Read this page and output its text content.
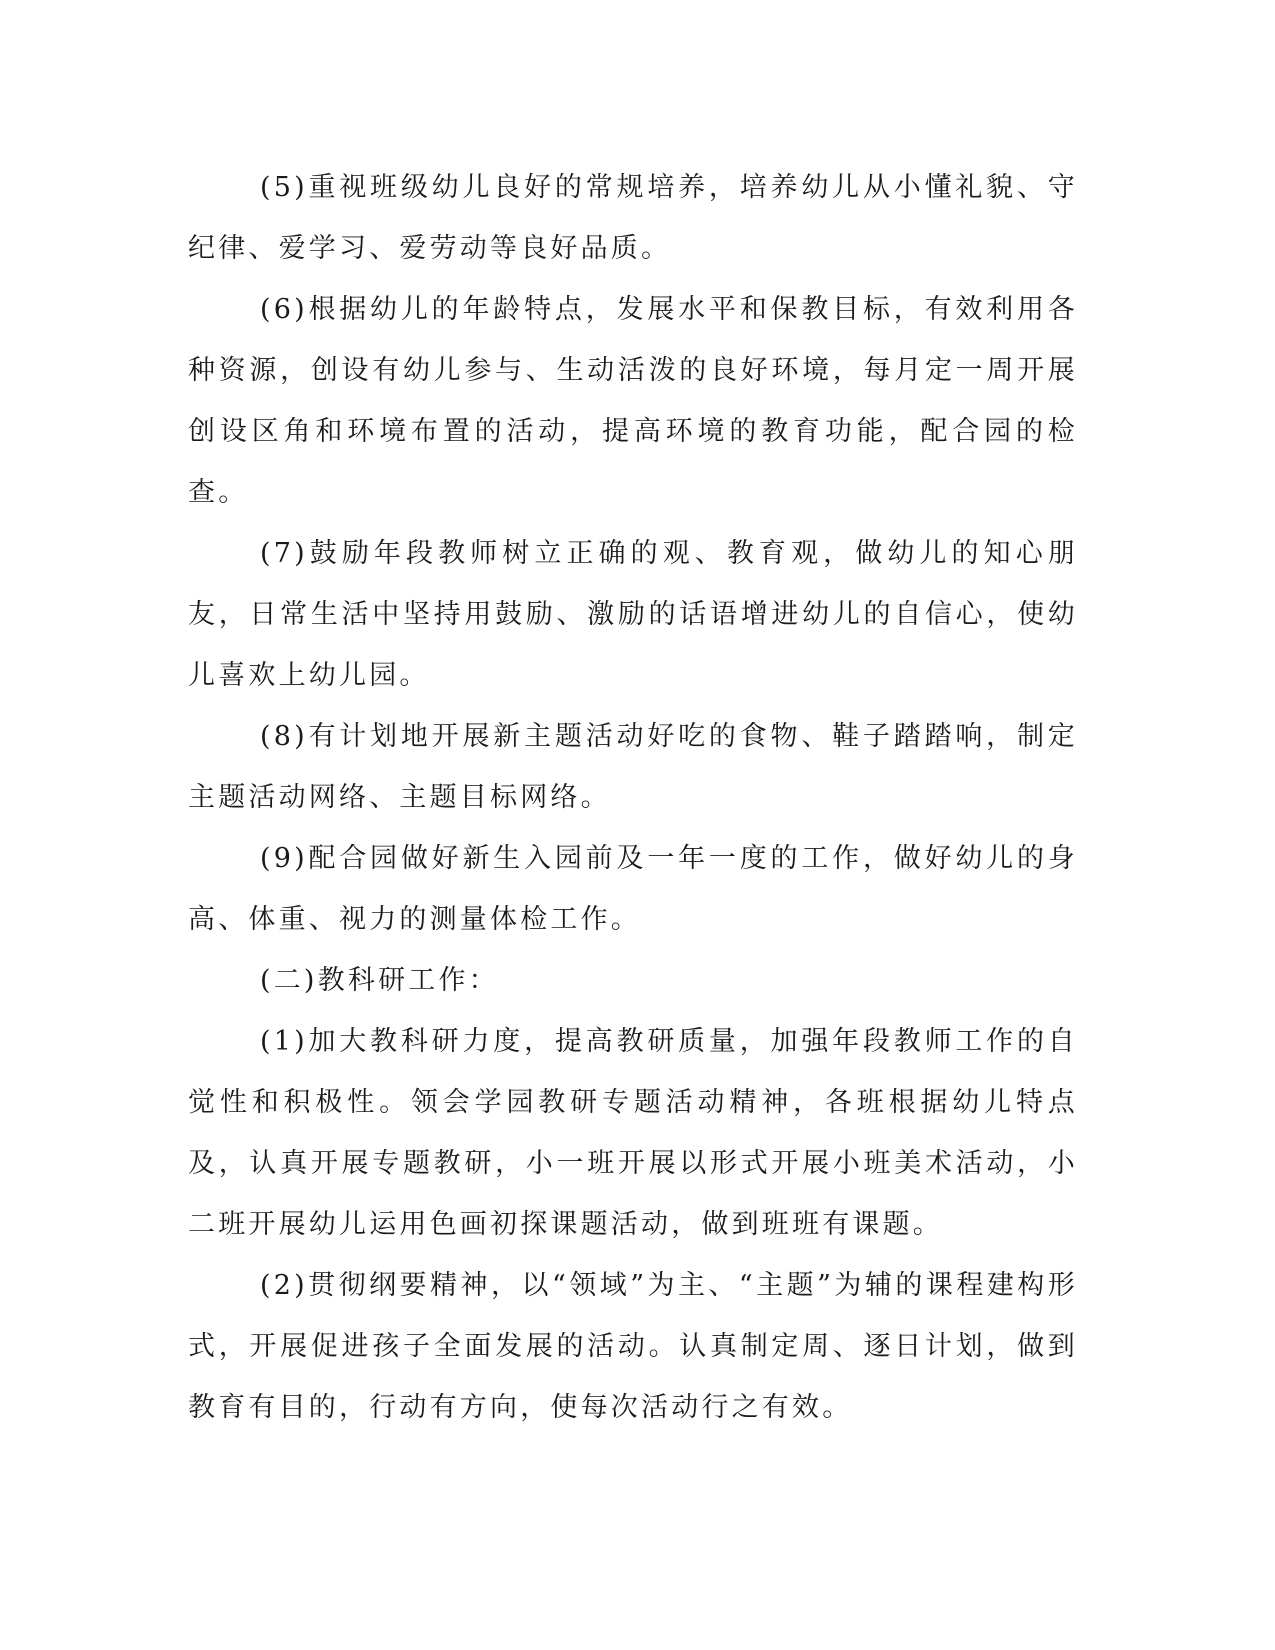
(5)重视班级幼儿良好的常规培养，培养幼儿从小懂礼貌、守纪律、爱学习、爱劳动等良好品质。

(6)根据幼儿的年龄特点，发展水平和保教目标，有效利用各种资源，创设有幼儿参与、生动活泼的良好环境，每月定一周开展创设区角和环境布置的活动，提高环境的教育功能，配合园的检查。

(7)鼓励年段教师树立正确的观、教育观，做幼儿的知心朋友，日常生活中坚持用鼓励、激励的话语增进幼儿的自信心，使幼儿喜欢上幼儿园。

(8)有计划地开展新主题活动好吃的食物、鞋子踏踏响，制定主题活动网络、主题目标网络。

(9)配合园做好新生入园前及一年一度的工作，做好幼儿的身高、体重、视力的测量体检工作。

(二)教科研工作：

(1)加大教科研力度，提高教研质量，加强年段教师工作的自觉性和积极性。领会学园教研专题活动精神，各班根据幼儿特点及，认真开展专题教研，小一班开展以形式开展小班美术活动，小二班开展幼儿运用色画初探课题活动，做到班班有课题。

(2)贯彻纲要精神，以“领域”为主、“主题”为辅的课程建构形式，开展促进孩子全面发展的活动。认真制定周、逐日计划，做到教育有目的，行动有方向，使每次活动行之有效。
